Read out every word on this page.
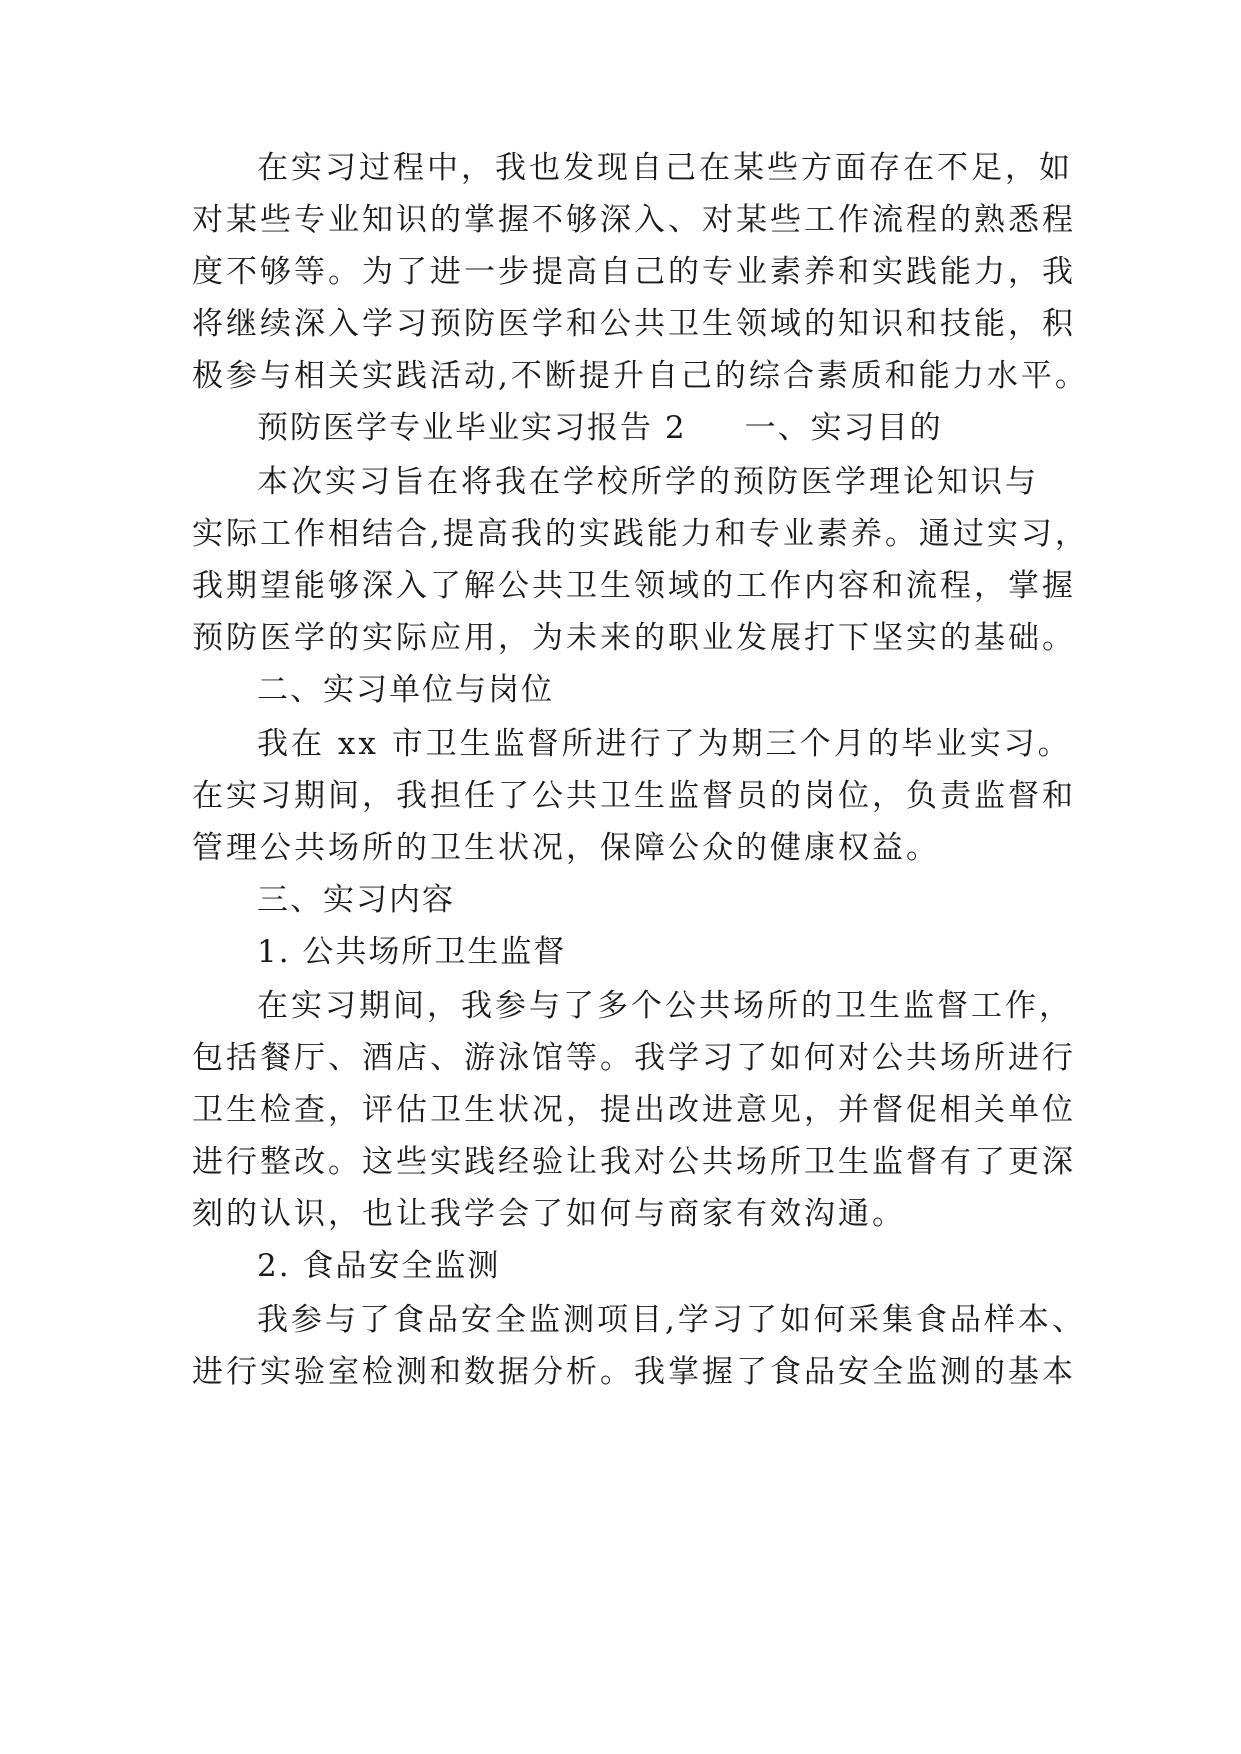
在实习过程中，我也发现自己在某些方面存在不足，如
对某些专业知识的掌握不够深入、对某些工作流程的熟悉程
度不够等。为了进一步提高自己的专业素养和实践能力，我
将继续深入学习预防医学和公共卫生领域的知识和技能，积
极参与相关实践活动,不断提升自己的综合素质和能力水平。
预防医学专业毕业实习报告 2 一、实习目的
本次实习旨在将我在学校所学的预防医学理论知识与
实际工作相结合,提高我的实践能力和专业素养。通过实习，
我期望能够深入了解公共卫生领域的工作内容和流程，掌握
预防医学的实际应用，为未来的职业发展打下坚实的基础。
二、实习单位与岗位
我在 xx 市卫生监督所进行了为期三个月的毕业实习。
在实习期间，我担任了公共卫生监督员的岗位，负责监督和
管理公共场所的卫生状况，保障公众的健康权益。
三、实习内容
1. 公共场所卫生监督
在实习期间，我参与了多个公共场所的卫生监督工作，
包括餐厅、酒店、游泳馆等。我学习了如何对公共场所进行
卫生检查，评估卫生状况，提出改进意见，并督促相关单位
进行整改。这些实践经验让我对公共场所卫生监督有了更深
刻的认识，也让我学会了如何与商家有效沟通。
2. 食品安全监测
我参与了食品安全监测项目,学习了如何采集食品样本、
进行实验室检测和数据分析。我掌握了食品安全监测的基本
